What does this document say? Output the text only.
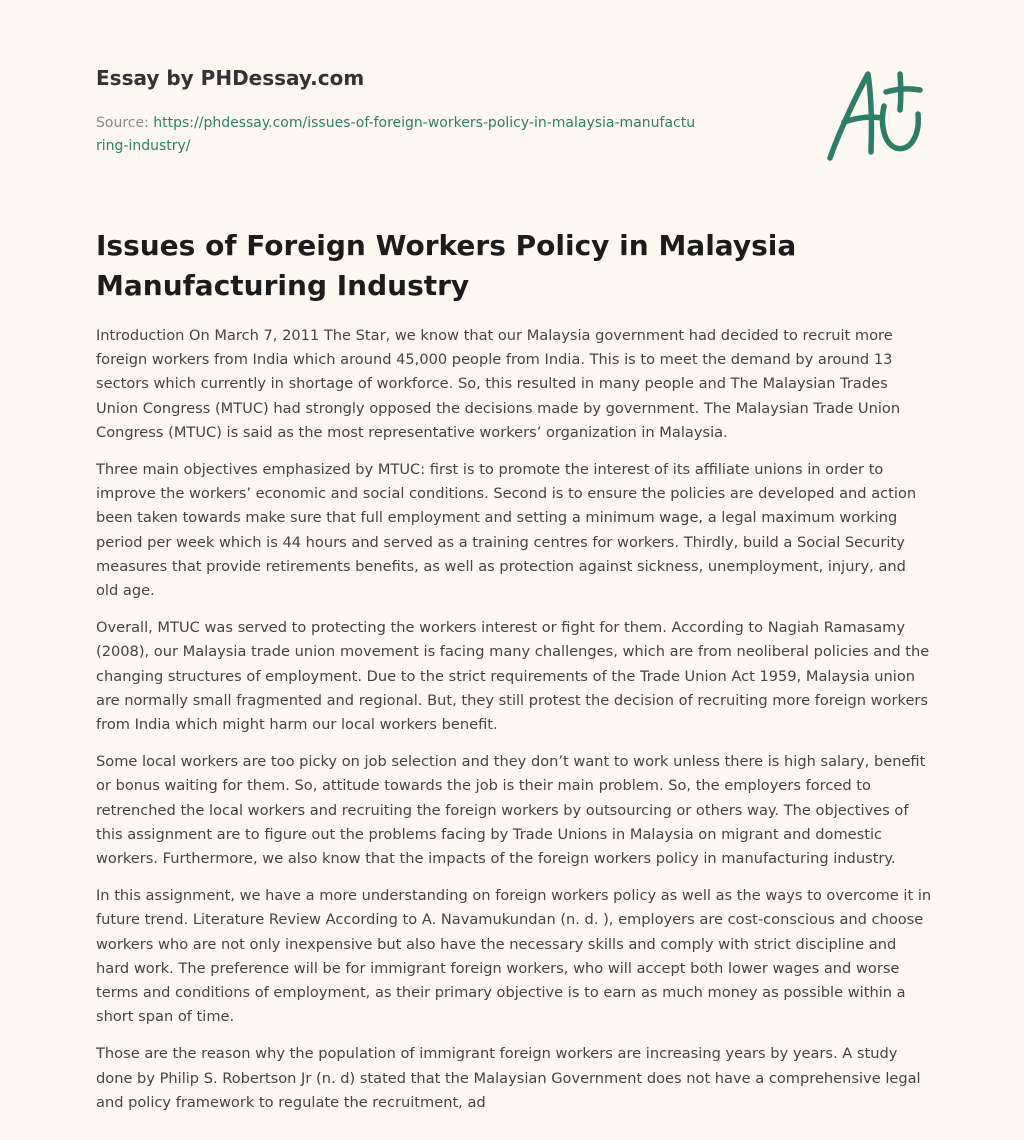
Essay by PHDessay.com
Source: https://phdessay.com/issues-of-foreign-workers-policy-in-malaysia-manufacturing-industry/
Issues of Foreign Workers Policy in Malaysia Manufacturing Industry

Introduction On March 7, 2011 The Star, we know that our Malaysia government had decided to recruit more foreign workers from India which around 45,000 people from India. This is to meet the demand by around 13 sectors which currently in shortage of workforce. So, this resulted in many people and The Malaysian Trades Union Congress (MTUC) had strongly opposed the decisions made by government. The Malaysian Trade Union Congress (MTUC) is said as the most representative workers’ organization in Malaysia.

Three main objectives emphasized by MTUC: first is to promote the interest of its affiliate unions in order to improve the workers’ economic and social conditions. Second is to ensure the policies are developed and action been taken towards make sure that full employment and setting a minimum wage, a legal maximum working period per week which is 44 hours and served as a training centres for workers. Thirdly, build a Social Security measures that provide retirements benefits, as well as protection against sickness, unemployment, injury, and old age.

Overall, MTUC was served to protecting the workers interest or fight for them. According to Nagiah Ramasamy (2008), our Malaysia trade union movement is facing many challenges, which are from neoliberal policies and the changing structures of employment. Due to the strict requirements of the Trade Union Act 1959, Malaysia union are normally small fragmented and regional. But, they still protest the decision of recruiting more foreign workers from India which might harm our local workers benefit.

Some local workers are too picky on job selection and they don’t want to work unless there is high salary, benefit or bonus waiting for them. So, attitude towards the job is their main problem. So, the employers forced to retrenched the local workers and recruiting the foreign workers by outsourcing or others way. The objectives of this assignment are to figure out the problems facing by Trade Unions in Malaysia on migrant and domestic workers. Furthermore, we also know that the impacts of the foreign workers policy in manufacturing industry.

In this assignment, we have a more understanding on foreign workers policy as well as the ways to overcome it in future trend. Literature Review According to A. Navamukundan (n. d. ), employers are cost-conscious and choose workers who are not only inexpensive but also have the necessary skills and comply with strict discipline and hard work. The preference will be for immigrant foreign workers, who will accept both lower wages and worse terms and conditions of employment, as their primary objective is to earn as much money as possible within a short span of time.

Those are the reason why the population of immigrant foreign workers are increasing years by years. A study done by Philip S. Robertson Jr (n. d) stated that the Malaysian Government does not have a comprehensive legal and policy framework to regulate the recruitment, ad
